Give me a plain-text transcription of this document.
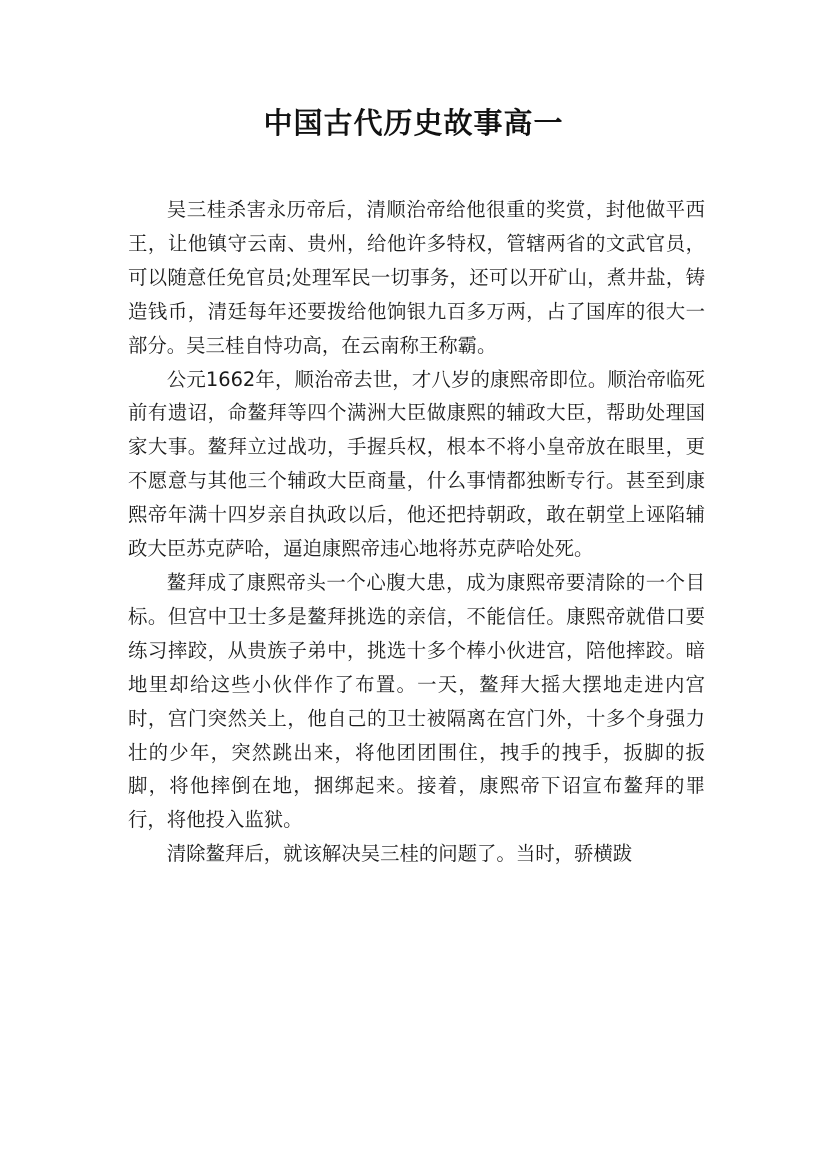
中国古代历史故事高一

吴三桂杀害永历帝后，清顺治帝给他很重的奖赏，封他做平西王，让他镇守云南、贵州，给他许多特权，管辖两省的文武官员，可以随意任免官员;处理军民一切事务，还可以开矿山，煮井盐，铸造钱币，清廷每年还要拨给他饷银九百多万两，占了国库的很大一部分。吴三桂自恃功高，在云南称王称霸。

公元1662年，顺治帝去世，才八岁的康熙帝即位。顺治帝临死前有遗诏，命鳌拜等四个满洲大臣做康熙的辅政大臣，帮助处理国家大事。鳌拜立过战功，手握兵权，根本不将小皇帝放在眼里，更不愿意与其他三个辅政大臣商量，什么事情都独断专行。甚至到康熙帝年满十四岁亲自执政以后，他还把持朝政，敢在朝堂上诬陷辅政大臣苏克萨哈，逼迫康熙帝违心地将苏克萨哈处死。

鳌拜成了康熙帝头一个心腹大患，成为康熙帝要清除的一个目标。但宫中卫士多是鳌拜挑选的亲信，不能信任。康熙帝就借口要练习摔跤，从贵族子弟中，挑选十多个棒小伙进宫，陪他摔跤。暗地里却给这些小伙伴作了布置。一天，鳌拜大摇大摆地走进内宫时，宫门突然关上，他自己的卫士被隔离在宫门外，十多个身强力壮的少年，突然跳出来，将他团团围住，拽手的拽手，扳脚的扳脚，将他摔倒在地，捆绑起来。接着，康熙帝下诏宣布鳌拜的罪行，将他投入监狱。

清除鳌拜后，就该解决吴三桂的问题了。当时，骄横跋
